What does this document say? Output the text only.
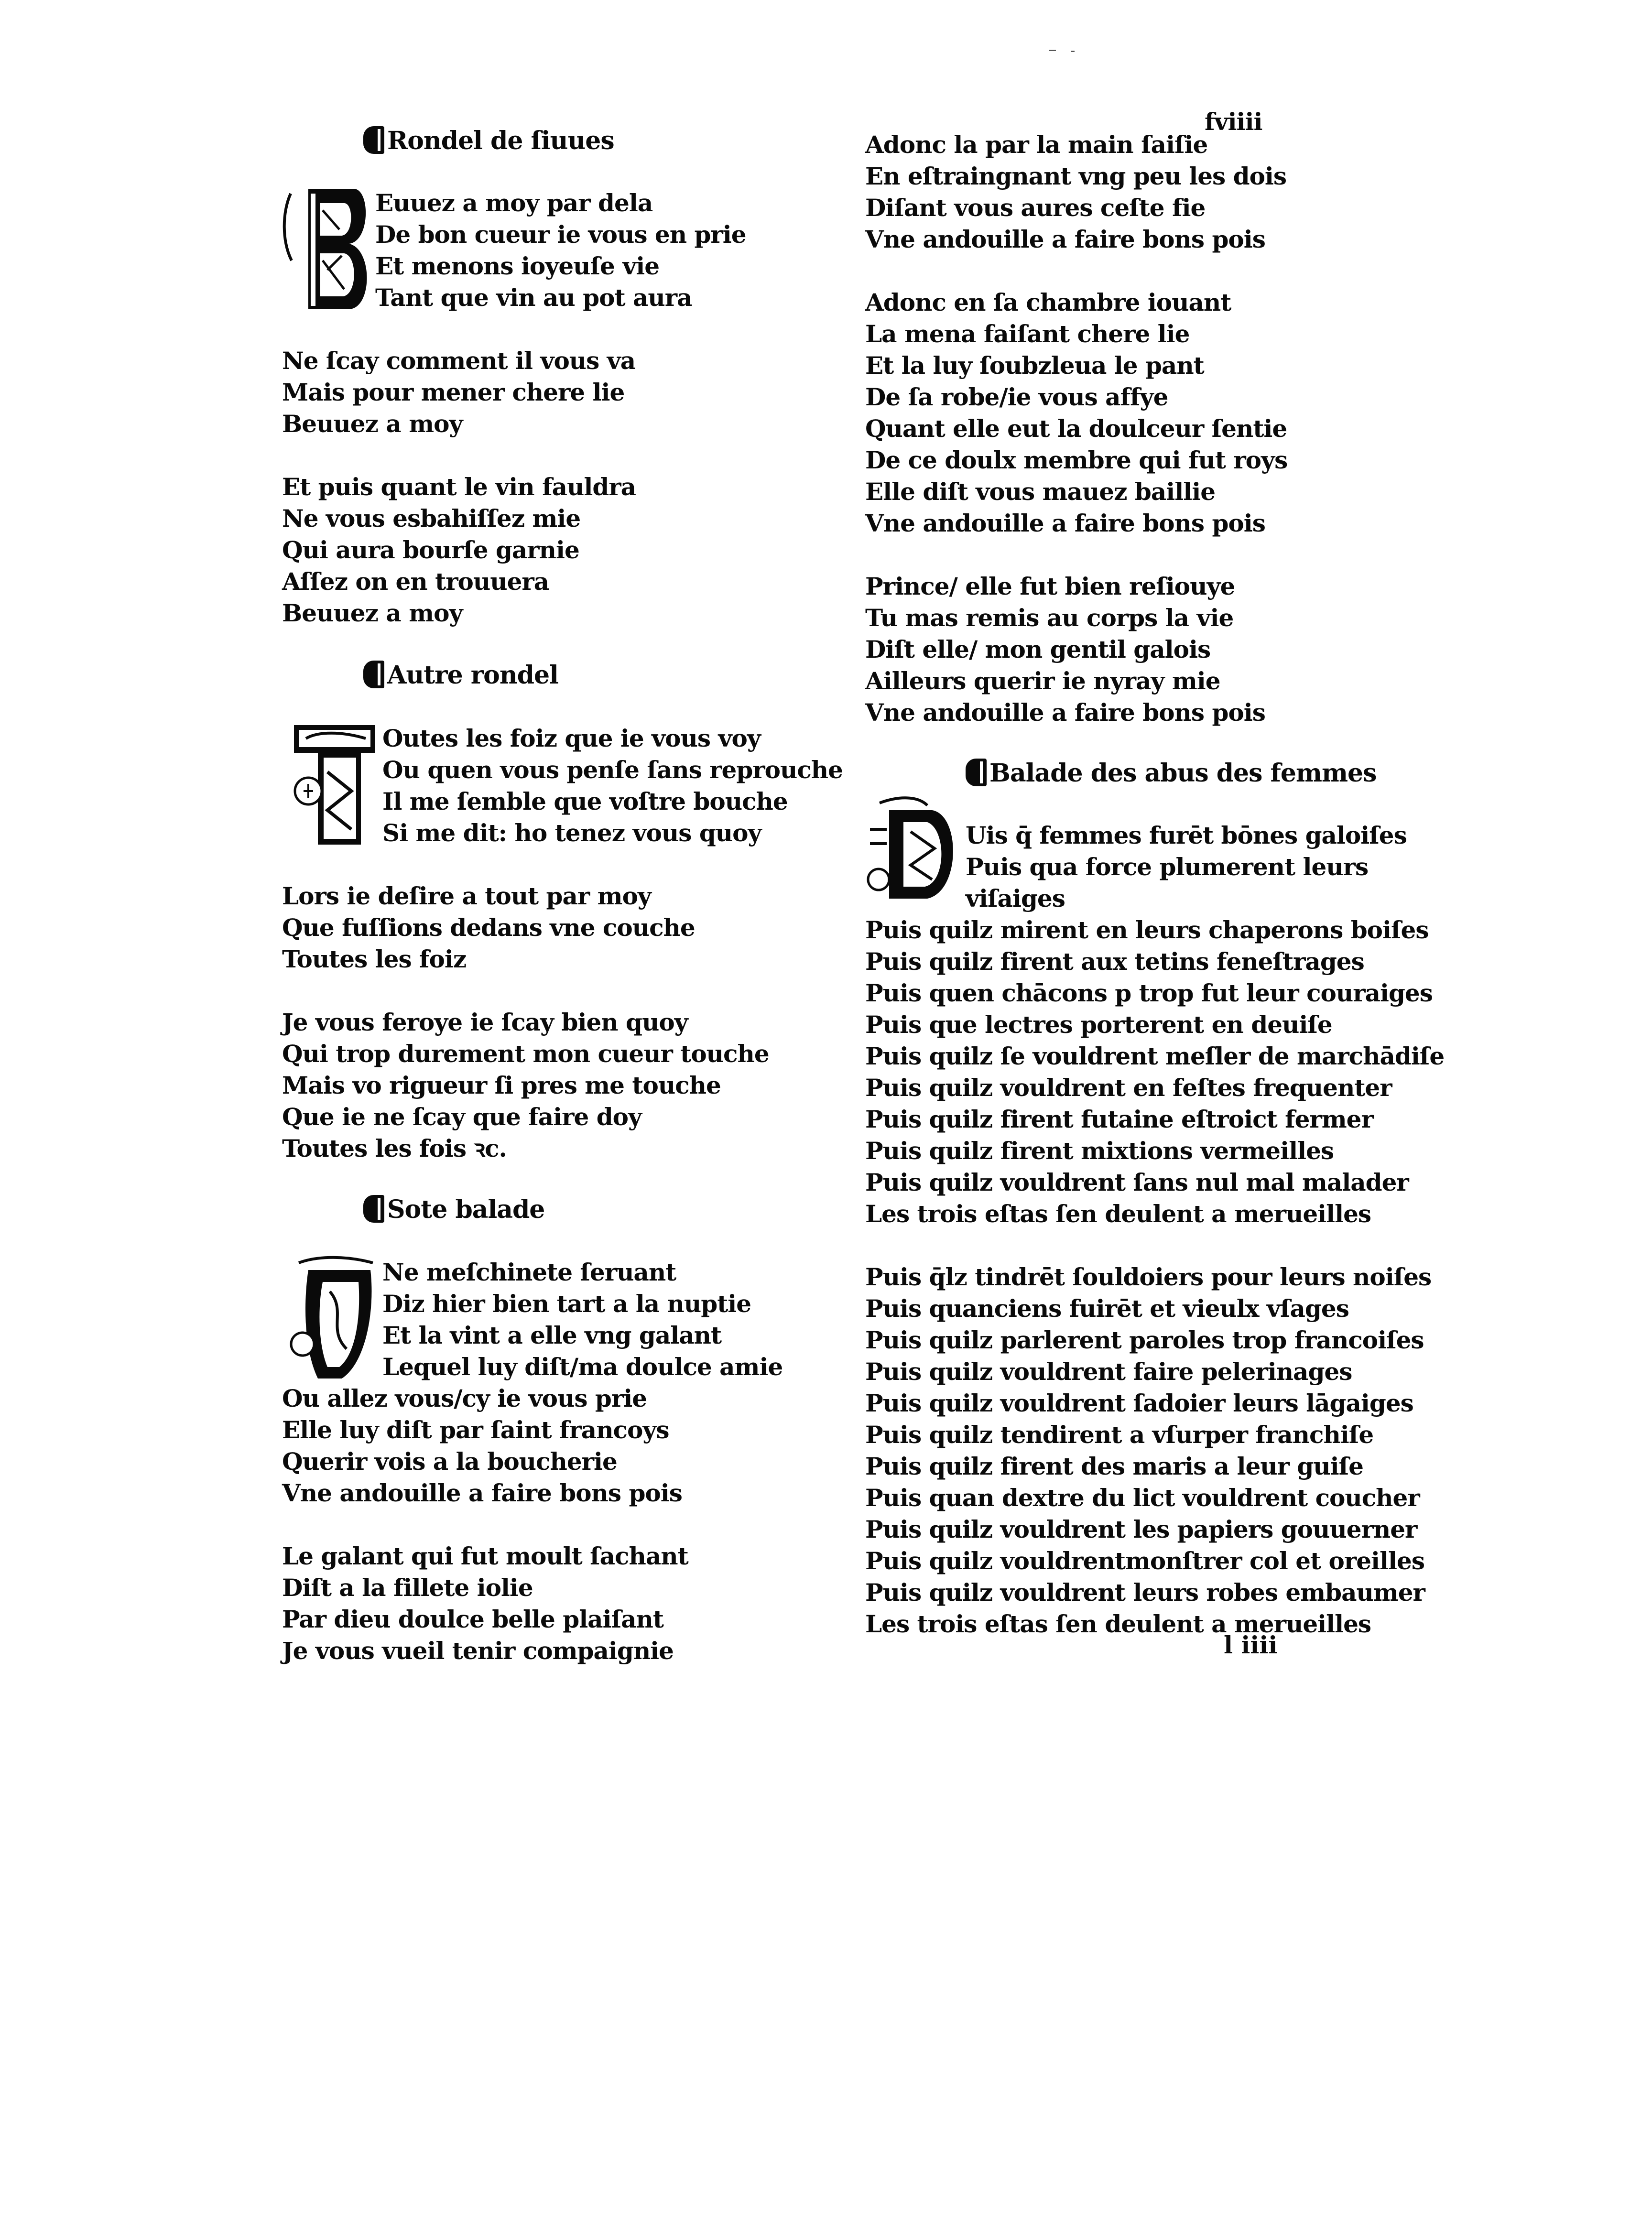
fviiii
Rondel de ſiuues
Euuez a moy par dela
De bon cueur ie vous en prie
Et menons ioyeuſe vie
Tant que vin au pot aura
Ne ſcay comment il vous va
Mais pour mener chere lie
Beuuez a moy
Et puis quant le vin fauldra
Ne vous esbahiſſez mie
Qui aura bourſe garnie
Aſſez on en trouuera
Beuuez a moy
Autre rondel
Outes les foiz que ie vous voy
Ou quen vous penſe ſans reprouche
Il me ſemble que voſtre bouche
Si me dit: ho tenez vous quoy
Lors ie deſire a tout par moy
Que fuſſions dedans vne couche
Toutes les foiz
Je vous feroye ie ſcay bien quoy
Qui trop durement mon cueur touche
Mais vo rigueur ſi pres me touche
Que ie ne ſcay que faire doy
Toutes les fois ꝛc.
Sote balade
Ne meſchinete ſeruant
Diz hier bien tart a la nuptie
Et la vint a elle vng galant
Lequel luy diſt/ma doulce amie
Ou allez vous/cy ie vous prie
Elle luy diſt par ſaint francoys
Querir vois a la boucherie
Vne andouille a faire bons pois
Le galant qui fut moult ſachant
Diſt a la fillete iolie
Par dieu doulce belle plaiſant
Je vous vueil tenir compaignie
Adonc la par la main ſaiſie
En eſtraingnant vng peu les dois
Diſant vous aures ceſte fie
Vne andouille a faire bons pois
Adonc en ſa chambre iouant
La mena faiſant chere lie
Et la luy ſoubzleua le pant
De ſa robe/ie vous affye
Quant elle eut la doulceur ſentie
De ce doulx membre qui fut roys
Elle diſt vous mauez baillie
Vne andouille a faire bons pois
Prince/ elle fut bien reſiouye
Tu mas remis au corps la vie
Diſt elle/ mon gentil galois
Ailleurs querir ie nyray mie
Vne andouille a faire bons pois
Balade des abus des femmes
Uis q̄ femmes furēt bōnes galoiſes
Puis qua force plumerent leurs
viſaiges
Puis quilz mirent en leurs chaperons boiſes
Puis quilz firent aux tetins feneſtrages
Puis quen chācons p trop fut leur couraiges
Puis que lectres porterent en deuiſe
Puis quilz ſe vouldrent meſler de marchādiſe
Puis quilz vouldrent en feſtes frequenter
Puis quilz firent futaine eſtroict fermer
Puis quilz firent mixtions vermeilles
Puis quilz vouldrent ſans nul mal malader
Les trois eſtas ſen deulent a merueilles
Puis q̄lz tindrēt ſouldoiers pour leurs noiſes
Puis quanciens fuirēt et vieulx vſages
Puis quilz parlerent paroles trop francoiſes
Puis quilz vouldrent faire pelerinages
Puis quilz vouldrent ſadoier leurs lāgaiges
Puis quilz tendirent a vſurper franchiſe
Puis quilz firent des maris a leur guiſe
Puis quan dextre du lict vouldrent coucher
Puis quilz vouldrent les papiers gouuerner
Puis quilz vouldrentmonſtrer col et oreilles
Puis quilz vouldrent leurs robes embaumer
Les trois eſtas ſen deulent a merueilles
l iiii
